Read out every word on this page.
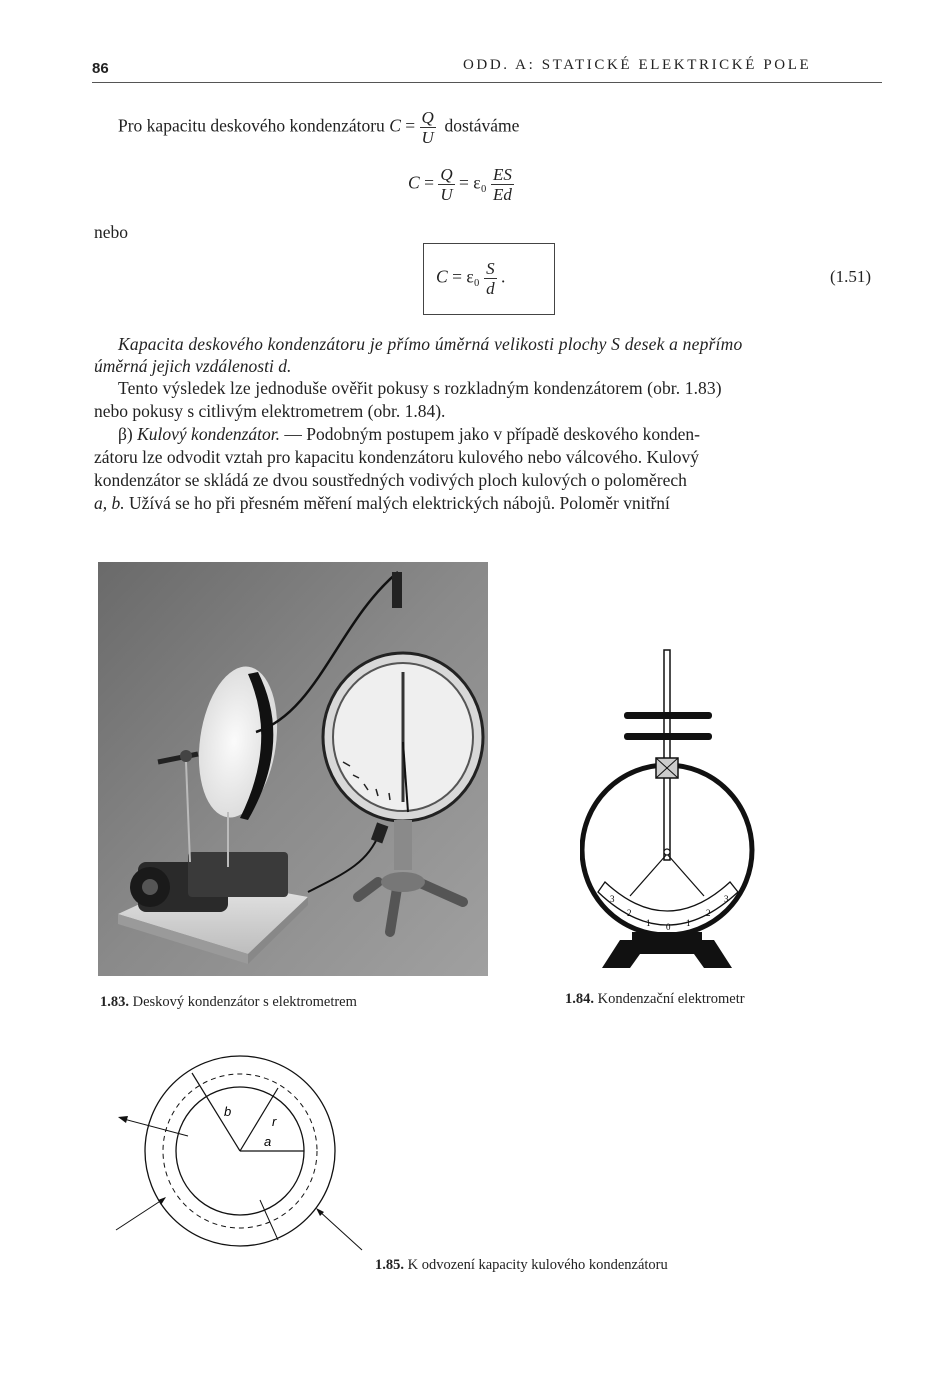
86	ODD. A: STATICKÉ ELEKTRICKÉ POLE
Pro kapacitu deskového kondenzátoru $C = \frac{Q}{U}$ dostáváme
$C = \frac{Q}{U} = \varepsilon_0 \frac{ES}{Ed}$
nebo
$C = \varepsilon_0 \frac{S}{d}$ .	(1.51)
Kapacita deskového kondenzátoru je přímo úměrná velikosti plochy S desek a nepřímo
úměrná jejich vzdálenosti d.
Tento výsledek lze jednoduše ověřit pokusy s rozkladným kondenzátorem (obr. 1.83)
nebo pokusy s citlivým elektrometrem (obr. 1.84).
β) Kulový kondenzátor. — Podobným postupem jako v případě deskového konden-
zátoru lze odvodit vztah pro kapacitu kondenzátoru kulového nebo válcového. Kulový
kondenzátor se skládá ze dvou soustředných vodivých ploch kulových o poloměrech
a, b. Užívá se ho při přesném měření malých elektrických nábojů. Poloměr vnitřní
3
2
1 0 1
2
3
1.83. Deskový kondenzátor s elektrometrem	1.84. Kondenzační elektrometr
b
r
a
1.85. K odvození kapacity kulového kondenzátoru
